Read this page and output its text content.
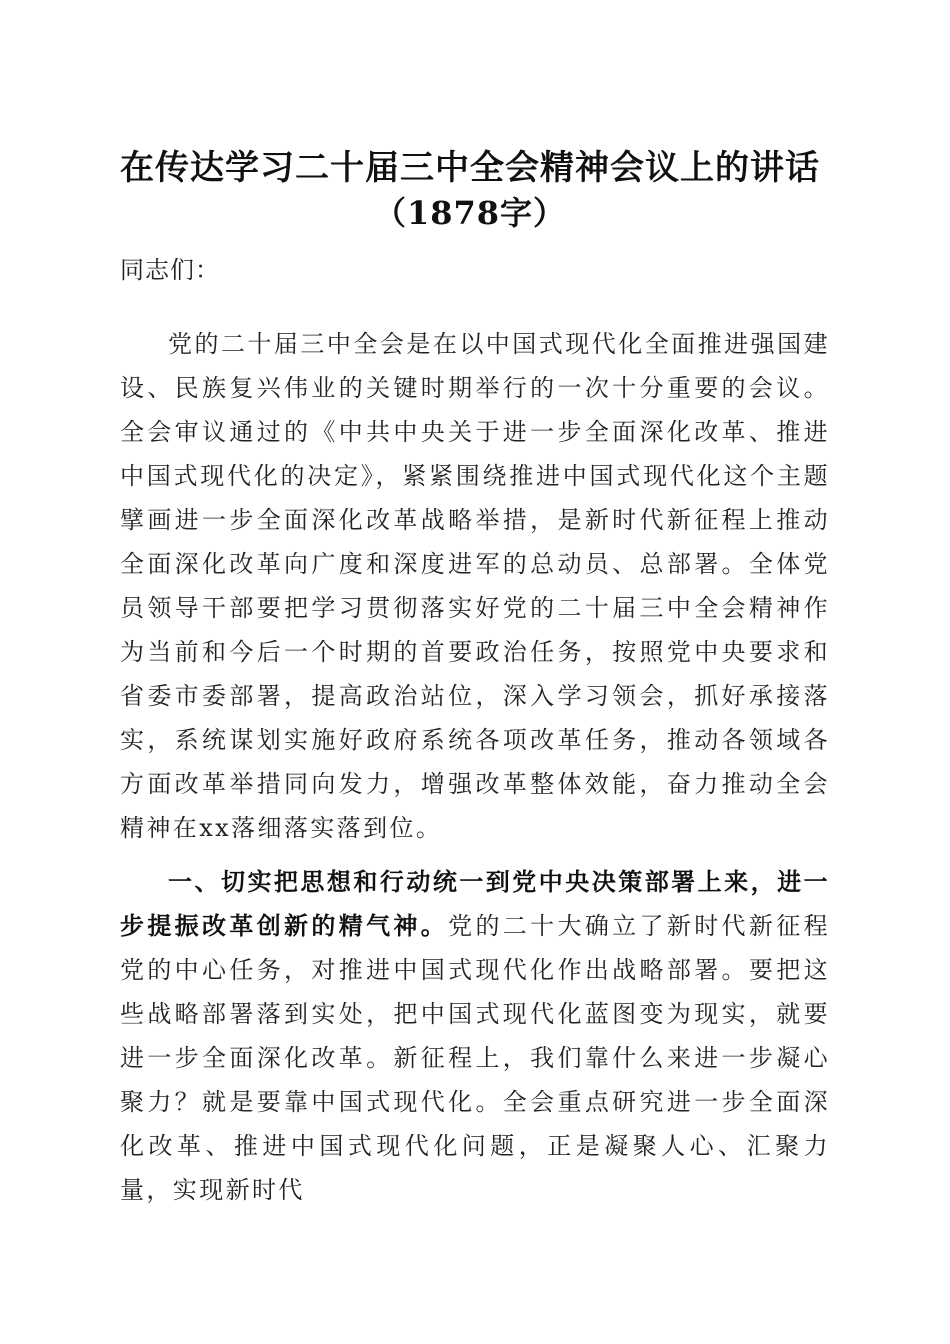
在传达学习二十届三中全会精神会议上的讲话
（1878字）

同志们：

党的二十届三中全会是在以中国式现代化全面推进强国建设、民族复兴伟业的关键时期举行的一次十分重要的会议。全会审议通过的《中共中央关于进一步全面深化改革、推进中国式现代化的决定》，紧紧围绕推进中国式现代化这个主题擘画进一步全面深化改革战略举措，是新时代新征程上推动全面深化改革向广度和深度进军的总动员、总部署。全体党员领导干部要把学习贯彻落实好党的二十届三中全会精神作为当前和今后一个时期的首要政治任务，按照党中央要求和省委市委部署，提高政治站位，深入学习领会，抓好承接落实，系统谋划实施好政府系统各项改革任务，推动各领域各方面改革举措同向发力，增强改革整体效能，奋力推动全会精神在xx落细落实落到位。

一、切实把思想和行动统一到党中央决策部署上来，进一步提振改革创新的精气神。党的二十大确立了新时代新征程党的中心任务，对推进中国式现代化作出战略部署。要把这些战略部署落到实处，把中国式现代化蓝图变为现实，就要进一步全面深化改革。新征程上，我们靠什么来进一步凝心聚力？就是要靠中国式现代化。全会重点研究进一步全面深化改革、推进中国式现代化问题，正是凝聚人心、汇聚力量，实现新时代
